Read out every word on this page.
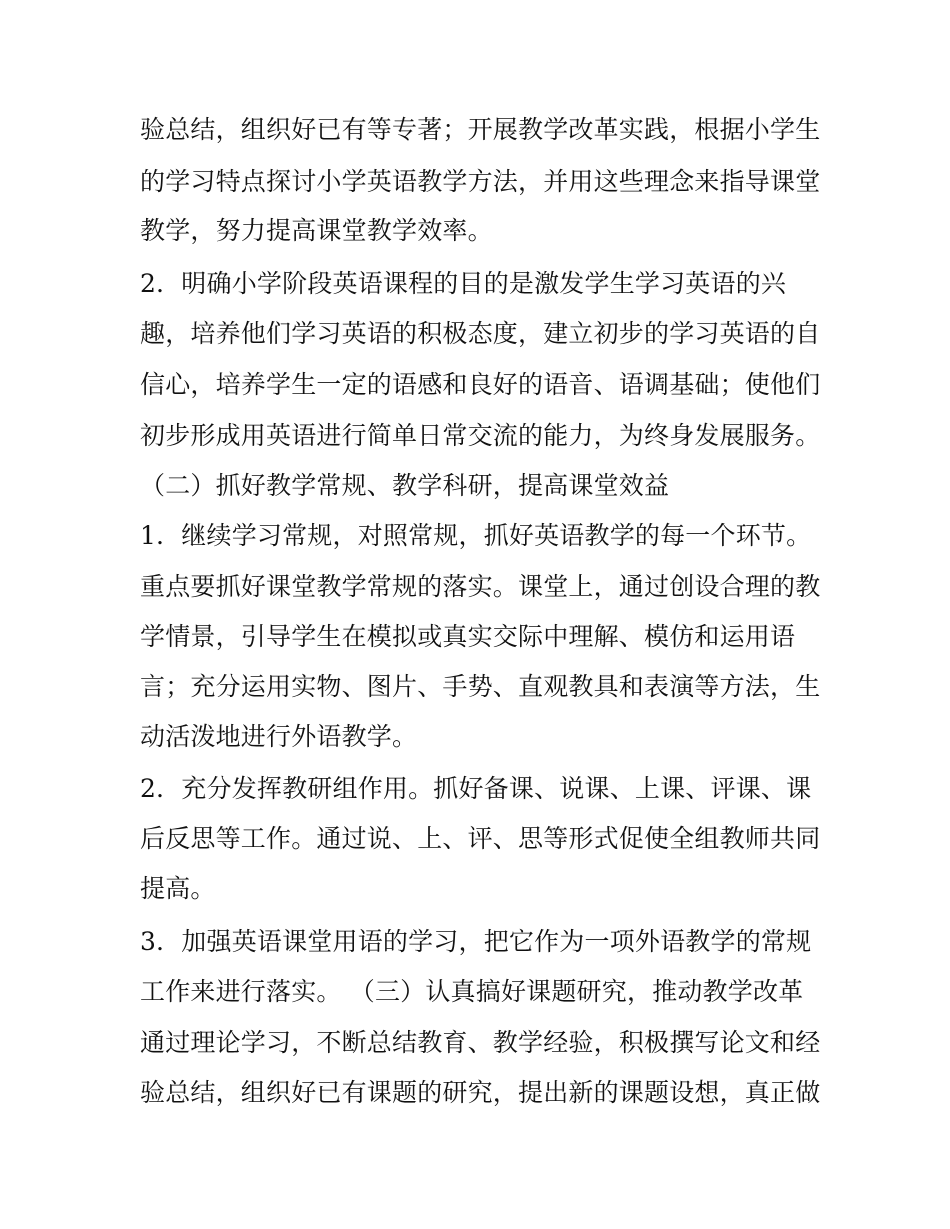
验总结，组织好已有等专著；开展教学改革实践，根据小学生
的学习特点探讨小学英语教学方法，并用这些理念来指导课堂
教学，努力提高课堂教学效率。
2．明确小学阶段英语课程的目的是激发学生学习英语的兴
趣，培养他们学习英语的积极态度，建立初步的学习英语的自
信心，培养学生一定的语感和良好的语音、语调基础；使他们
初步形成用英语进行简单日常交流的能力，为终身发展服务。
（二）抓好教学常规、教学科研，提高课堂效益
1．继续学习常规，对照常规，抓好英语教学的每一个环节。
重点要抓好课堂教学常规的落实。课堂上，通过创设合理的教
学情景，引导学生在模拟或真实交际中理解、模仿和运用语
言；充分运用实物、图片、手势、直观教具和表演等方法，生
动活泼地进行外语教学。
2．充分发挥教研组作用。抓好备课、说课、上课、评课、课
后反思等工作。通过说、上、评、思等形式促使全组教师共同
提高。
3．加强英语课堂用语的学习，把它作为一项外语教学的常规
工作来进行落实。 （三）认真搞好课题研究，推动教学改革
通过理论学习，不断总结教育、教学经验，积极撰写论文和经
验总结，组织好已有课题的研究，提出新的课题设想，真正做
